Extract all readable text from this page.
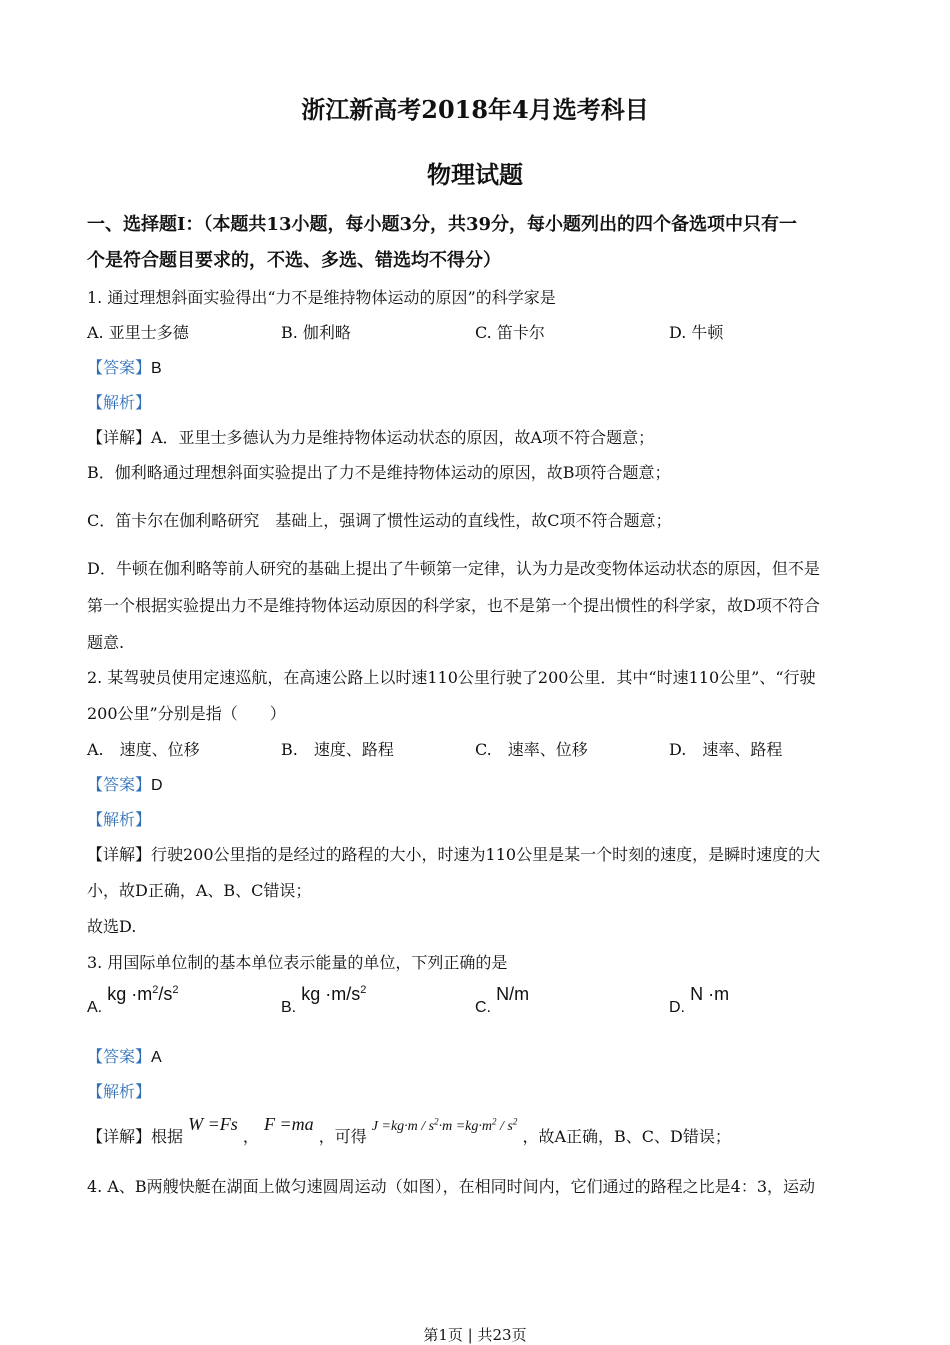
浙江新高考2018年4月选考科目
物理试题
一、选择题Ⅰ：（本题共13小题，每小题3分，共39分，每小题列出的四个备选项中只有一
个是符合题目要求的，不选、多选、错选均不得分）
1. 通过理想斜面实验得出“力不是维持物体运动的原因”的科学家是
A. 亚里士多德	B. 伽利略	C. 笛卡尔	D. 牛顿
【答案】B
【解析】
【详解】A．亚里士多德认为力是维持物体运动状态的原因，故A项不符合题意；
B．伽利略通过理想斜面实验提出了力不是维持物体运动的原因，故B项符合题意；
C．笛卡尔在伽利略研究　基础上，强调了惯性运动的直线性，故C项不符合题意；
D．牛顿在伽利略等前人研究的基础上提出了牛顿第一定律，认为力是改变物体运动状态的原因，但不是
第一个根据实验提出力不是维持物体运动原因的科学家，也不是第一个提出惯性的科学家，故D项不符合
题意.
2. 某驾驶员使用定速巡航，在高速公路上以时速110公里行驶了200公里．其中“时速110公里”、“行驶
200公里”分别是指（　　）
A.　速度、位移	B.　速度、路程	C.　速率、位移	D.　速率、路程
【答案】D
【解析】
【详解】行驶200公里指的是经过的路程的大小，时速为110公里是某一个时刻的速度，是瞬时速度的大
小，故D正确，A、B、C错误；
故选D.
3. 用国际单位制的基本单位表示能量的单位，下列正确的是
A. kg $\cdot m^2/s^2$
B. kg $\cdot m/s^2$
C. N/m
D. N ·m
【答案】A
【解析】
【详解】根据 W =Fs ， F =ma ，可得 $J =kg\cdot m / s^2\cdot m =kg\cdot m^2 / s^2$ ，故A正确，B、C、D错误；
4. A、B两艘快艇在湖面上做匀速圆周运动（如图），在相同时间内，它们通过的路程之比是4：3，运动
第1页 | 共23页
